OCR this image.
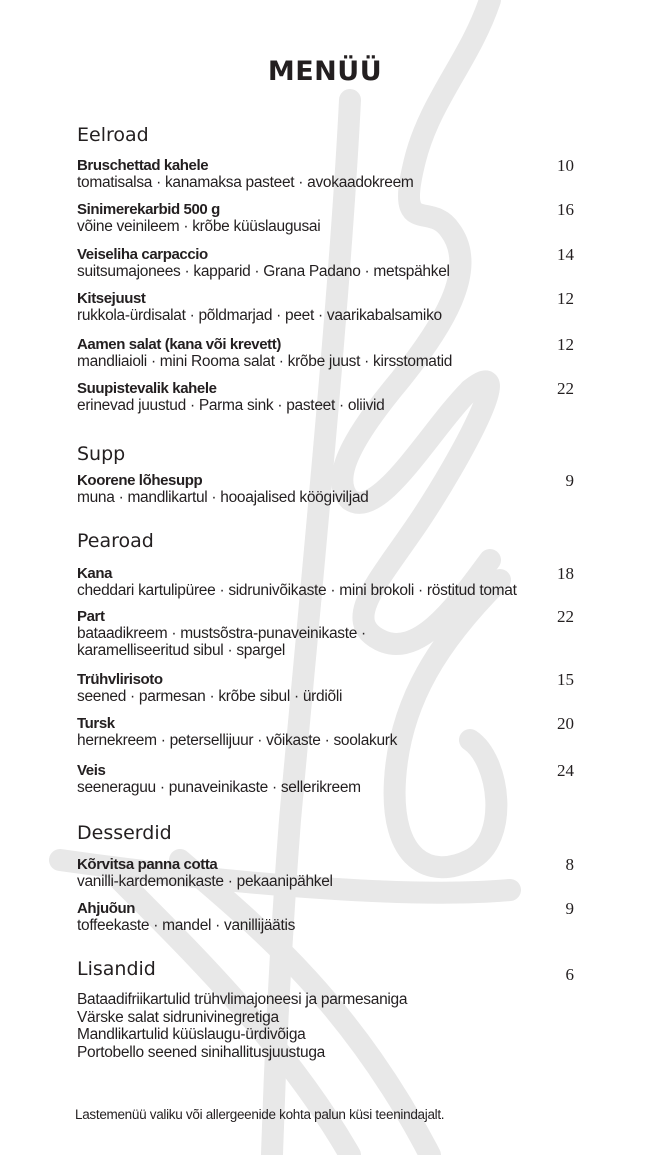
MENÜÜ
Eelroad
Bruschettad kahele
tomatisalsa · kanamaksa pasteet · avokaadokreem
10
Sinimerekarbid 500 g
võine veinileem · krõbe küüslaugusai
16
Veiseliha carpaccio
suitsumajonees · kapparid · Grana Padano · metspähkel
14
Kitsejuust
rukkola-ürdisalat · põldmarjad · peet · vaarikabalsamiko
12
Aamen salat (kana või krevett)
mandliaioli · mini Rooma salat · krõbe juust · kirsstomatid
12
Suupistevalik kahele
erinevad juustud · Parma sink · pasteet · oliivid
22
Supp
Koorene lõhesupp
muna · mandlikartul · hooajalised köögiviljad
9
Pearoad
Kana
cheddari kartulipüree · sidrunivõikaste · mini brokoli · röstitud tomat
18
Part
bataadikreem · mustsõstra-punaveinikaste ·
karamelliseeritud sibul · spargel
22
Trühvlirisoto
seened · parmesan · krõbe sibul · ürdiõli
15
Tursk
hernekreem · petersellijuur · võikaste · soolakurk
20
Veis
seeneraguu · punaveinikaste · sellerikreem
24
Desserdid
Kõrvitsa panna cotta
vanilli-kardemonikaste · pekaanipähkel
8
Ahjuõun
toffeekaste · mandel · vanillijäätis
9
Lisandid	6
Bataadifriikartulid trühvlimajoneesi ja parmesaniga
Värske salat sidrunivinegretiga
Mandlikartulid küüslaugu-ürdivõiga
Portobello seened sinihallitusjuustuga
Lastemenüü valiku või allergeenide kohta palun küsi teenindajalt.
